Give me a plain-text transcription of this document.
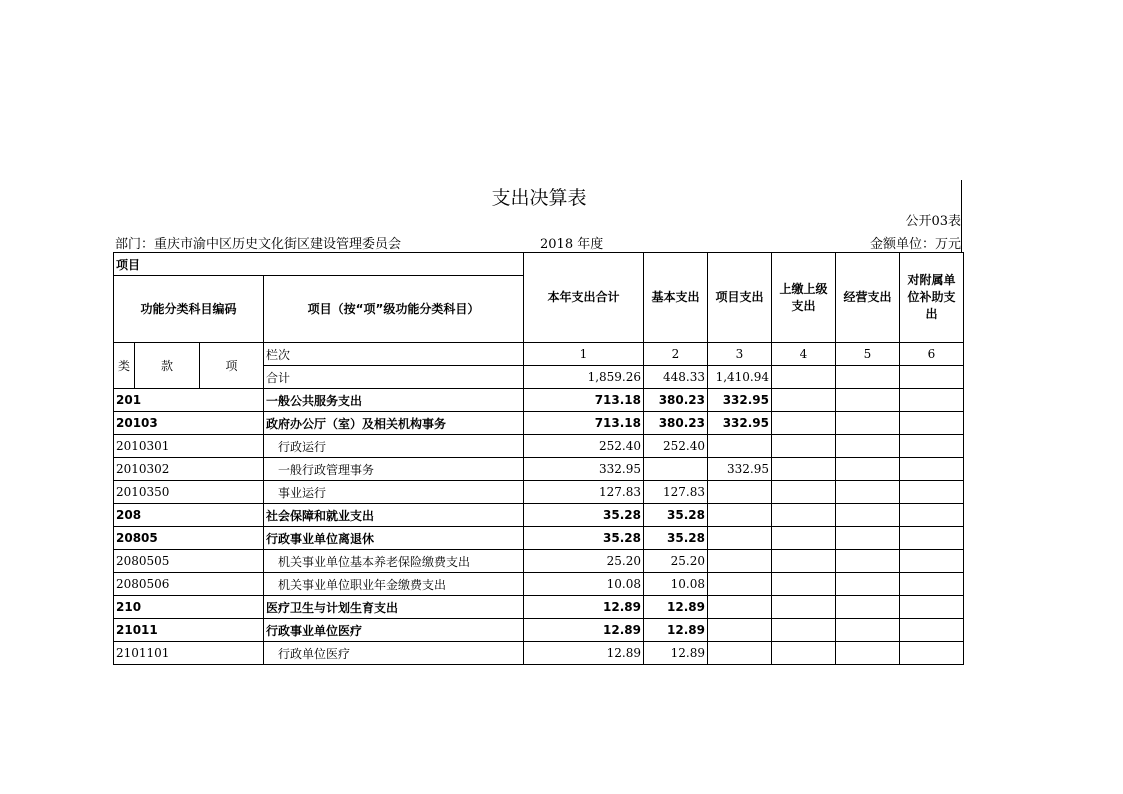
支出决算表
公开03表
部门：重庆市渝中区历史文化街区建设管理委员会	2018 年度	金额单位：万元
项目				本年支出合计	基本支出	项目支出	上缴上级支出	经营支出	对附属单位补助支出
功能分类科目编码			项目（按“项”级功能分类科目）						
类	款	项	栏次	1	2	3	4	5	6
			合计	1,859.26	448.33	1,410.94			
201			一般公共服务支出	713.18	380.23	332.95			
20103			政府办公厅（室）及相关机构事务	713.18	380.23	332.95			
2010301			行政运行	252.40	252.40				
2010302			一般行政管理事务	332.95		332.95			
2010350			事业运行	127.83	127.83				
208			社会保障和就业支出	35.28	35.28				
20805			行政事业单位离退休	35.28	35.28				
2080505			机关事业单位基本养老保险缴费支出	25.20	25.20				
2080506			机关事业单位职业年金缴费支出	10.08	10.08				
210			医疗卫生与计划生育支出	12.89	12.89				
21011			行政事业单位医疗	12.89	12.89				
2101101			行政单位医疗	12.89	12.89				
